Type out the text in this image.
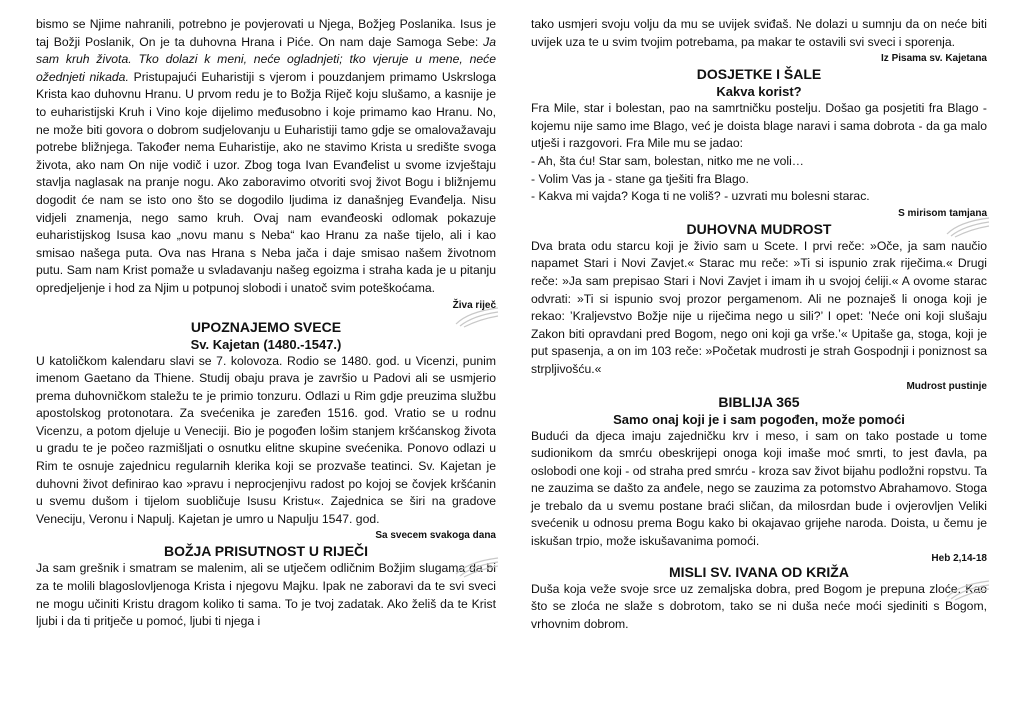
bismo se Njime nahranili, potrebno je povjerovati u Njega, Božjeg Poslanika. Isus je taj Božji Poslanik, On je ta duhovna Hrana i Piće. On nam daje Samoga Sebe: Ja sam kruh života. Tko dolazi k meni, neće ogladnjeti; tko vjeruje u mene, neće ožednjeti nikada. Pristupajući Euharistiji s vjerom i pouzdanjem primamo Uskrsloga Krista kao duhovnu Hranu. U prvom redu je to Božja Riječ koju slušamo, a kasnije je to euharistijski Kruh i Vino koje dijelimo međusobno i koje primamo kao Hranu. No, ne može biti govora o dobrom sudjelovanju u Euharistiji tamo gdje se omalovažavaju potrebe bližnjega. Također nema Euharistije, ako ne stavimo Krista u središte svoga života, ako nam On nije vodič i uzor. Zbog toga Ivan Evanđelist u svome izvještaju stavlja naglasak na pranje nogu. Ako zaboravimo otvoriti svoj život Bogu i bližnjemu dogodit će nam se isto ono što se dogodilo ljudima iz današnjeg Evanđelja. Nisu vidjeli znamenja, nego samo kruh. Ovaj nam evanđeoski odlomak pokazuje euharistijskog Isusa kao „novu manu s Neba“ kao Hranu za naše tijelo, ali i kao smisao našega puta. Ova nas Hrana s Neba jača i daje smisao našem životnom putu. Sam nam Krist pomaže u svladavanju našeg egoizma i straha kada je u pitanju opredjeljenje i hod za Njim u potpunoj slobodi i unatoč svim poteškoćama.

Živa riječ
UPOZNAJEMO SVECE
Sv. Kajetan (1480.-1547.)

U katoličkom kalendaru slavi se 7. kolovoza. Rodio se 1480. god. u Vicenzi, punim imenom Gaetano da Thiene. Studij obaju prava je završio u Padovi ali se usmjerio prema duhovničkom staležu te je primio tonzuru. Odlazi u Rim gdje preuzima službu apostolskog protonotara. Za svećenika je zaređen 1516. god. Vratio se u rodnu Vicenzu, a potom djeluje u Veneciji. Bio je pogođen lošim stanjem kršćanskog života u gradu te je počeo razmišljati o osnutku elitne skupine svećenika. Ponovo odlazi u Rim te osnuje zajednicu regularnih klerika koji se prozvaše teatinci. Sv. Kajetan je duhovni život definirao kao »pravu i neprocjenjivu radost po kojoj se čovjek kršćanin u svemu dušom i tijelom suobličuje Isusu Kristu«. Zajednica se širi na gradove Veneciju, Veronu i Napulj. Kajetan je umro u Napulju 1547. god.

Sa svecem svakoga dana
BOŽJA PRISUTNOST U RIJEČI

Ja sam grešnik i smatram se malenim, ali se utječem odličnim Božjim slugama da bi za te molili blagoslovljenoga Krista i njegovu Majku. Ipak ne zaboravi da te svi sveci ne mogu učiniti Kristu dragom koliko ti sama. To je tvoj zadatak. Ako želiš da te Krist ljubi i da ti pritječe u pomoć, ljubi ti njega i

tako usmjeri svoju volju da mu se uvijek sviđaš. Ne dolazi u sumnju da on neće biti uvijek uza te u svim tvojim potrebama, pa makar te ostavili svi sveci i sporenja.

Iz Pisama sv. Kajetana
DOSJETKE I ŠALE
Kakva korist?

Fra Mile, star i bolestan, pao na samrtničku postelju. Došao ga posjetiti fra Blago - kojemu nije samo ime Blago, već je doista blage naravi i sama dobrota - da ga malo utješi i razgovori. Fra Mile mu se jadao:

- Ah, šta ću! Star sam, bolestan, nitko me ne voli…

- Volim Vas ja - stane ga tješiti fra Blago.

- Kakva mi vajda? Koga ti ne voliš? - uzvrati mu bolesni starac.

S mirisom tamjana
DUHOVNA MUDROST

Dva brata odu starcu koji je živio sam u Scete. I prvi reče: »Oče, ja sam naučio napamet Stari i Novi Zavjet.« Starac mu reče: »Ti si ispunio zrak riječima.« Drugi reče: »Ja sam prepisao Stari i Novi Zavjet i imam ih u svojoj ćeliji.« A ovome starac odvrati: »Ti si ispunio svoj prozor pergamenom. Ali ne poznaješ li onoga koji je rekao: ’Kraljevstvo Božje nije u riječima nego u sili?’ I opet: ’Neće oni koji slušaju Zakon biti opravdani pred Bogom, nego oni koji ga vrše.’« Upitaše ga, stoga, koji je put spasenja, a on im 103 reče: »Početak mudrosti je strah Gospodnji i poniznost sa strpljivošću.«

Mudrost pustinje
BIBLIJA 365
Samo onaj koji je i sam pogođen, može pomoći

Budući da djeca imaju zajedničku krv i meso, i sam on tako postade u tome sudionikom da smrću obeskrijepi onoga koji imaše moć smrti, to jest đavla, pa oslobodi one koji - od straha pred smrću - kroza sav život bijahu podložni ropstvu. Ta ne zauzima se dašto za anđele, nego se zauzima za potomstvo Abrahamovo. Stoga je trebalo da u svemu postane braći sličan, da milosrdan bude i ovjerovljen Veliki svećenik u odnosu prema Bogu kako bi okajavao grijehe naroda. Doista, u čemu je iskušan trpio, može iskušavanima pomoći.

Heb 2,14-18
MISLI SV. IVANA OD KRIŽA

Duša koja veže svoje srce uz zemaljska dobra, pred Bogom je prepuna zloće. Kao što se zloća ne slaže s dobrotom, tako se ni duša neće moći sjediniti s Bogom, vrhovnim dobrom.
